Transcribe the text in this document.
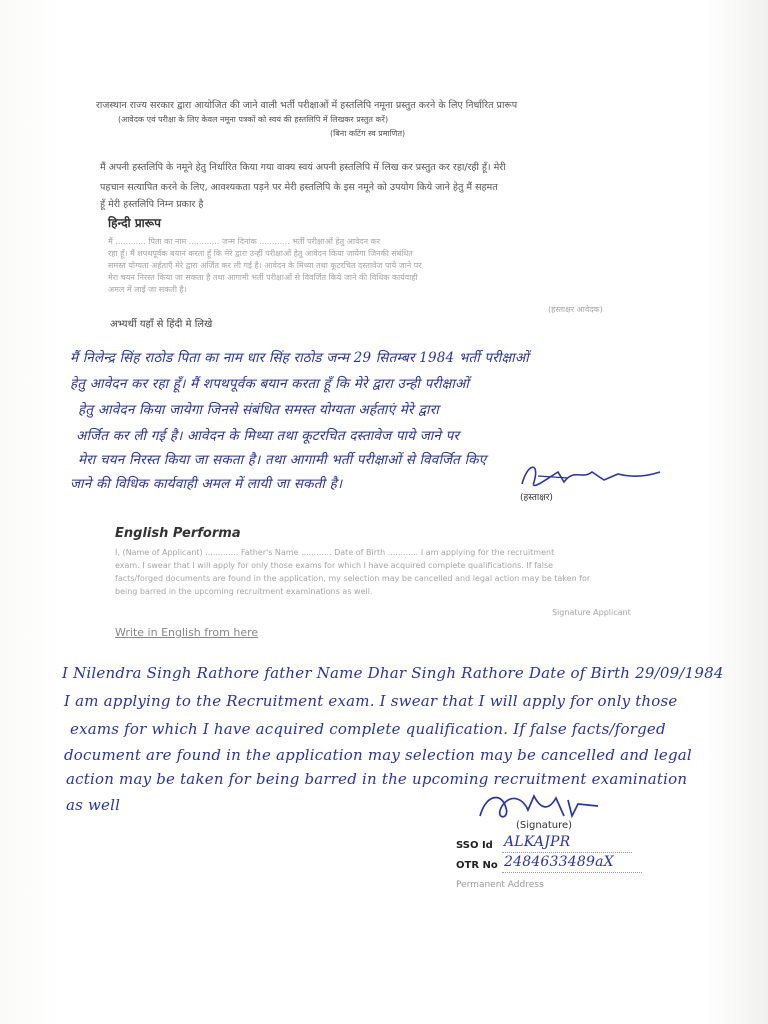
राजस्थान राज्य सरकार द्वारा आयोजित की जाने वाली भर्ती परीक्षाओं में हस्तलिपि नमूना प्रस्तुत करने के लिए निर्धारित प्रारूप
(आवेदक एवं परीक्षा के लिए केवल नमूना पत्रकों को स्वयं की हस्तलिपि में लिखकर प्रस्तुत करें)
(बिना कटिंग स्व प्रमाणित)
मैं अपनी हस्तलिपि के नमूने हेतु निर्धारित किया गया वाक्य स्वयं अपनी हस्तलिपि में लिख कर प्रस्तुत कर रहा/रही हूँ। मेरी
पहचान सत्यापित करने के लिए, आवश्यकता पड़ने पर मेरी हस्तलिपि के इस नमूने को उपयोग किये जाने हेतु मैं सहमत
हूँ मेरी हस्तलिपि निम्न प्रकार है
हिन्दी प्रारूप
मैं ............ पिता का नाम ............ जन्म दिनांक ............ भर्ती परीक्षाओं हेतु आवेदन कर
रहा हूँ। मैं शपथपूर्वक बयान करता हूँ कि मेरे द्वारा उन्हीं परीक्षाओं हेतु आवेदन किया जायेगा जिनकी संबंधित
समस्त योग्यता अर्हताएँ मेरे द्वारा अर्जित कर ली गई है। आवेदन के मिथ्या तथा कूटरचित दस्तावेज पाये जाने पर
मेरा चयन निरस्त किया जा सकता है तथा आगामी भर्ती परीक्षाओं से विवर्जित किये जाने की विधिक कार्यवाही
अमल में लाई जा सकती है।
(हस्ताक्षर आवेदक)
अभ्यर्थी यहाँ से हिंदी मे लिखे
मैं निलेन्द्र सिंह राठोड पिता का नाम धार सिंह राठोड जन्म 29 सितम्बर 1984 भर्ती परीक्षाओं
हेतु आवेदन कर रहा हूँ। मैं शपथपूर्वक बयान करता हूँ कि मेरे द्वारा उन्ही परीक्षाओं
हेतु आवेदन किया जायेगा जिनसे संबंधित समस्त योग्यता अर्हताएं मेरे द्वारा
अर्जित कर ली गई है। आवेदन के मिथ्या तथा कूटरचित दस्तावेज पाये जाने पर
मेरा चयन निरस्त किया जा सकता है। तथा आगामी भर्ती परीक्षाओं से विवर्जित किए
जाने की विधिक कार्यवाही अमल में लायी जा सकती है।
(हस्ताक्षर)
English Performa
I, (Name of Applicant) ............. Father's Name ............ Date of Birth ............ I am applying for the recruitment
exam. I swear that I will apply for only those exams for which I have acquired complete qualifications. If false
facts/forged documents are found in the application, my selection may be cancelled and legal action may be taken for
being barred in the upcoming recruitment examinations as well.
Signature Applicant
Write in English from here
I Nilendra Singh Rathore father Name Dhar Singh Rathore Date of Birth 29/09/1984
I am applying to the Recruitment exam. I swear that I will apply for only those
exams for which I have acquired complete qualification. If false facts/forged
document are found in the application may selection may be cancelled and legal
action may be taken for being barred in the upcoming recruitment examination
as well
(Signature)
SSO Id ALKAJPR
OTR No 2484633489aX
Permanent Address
